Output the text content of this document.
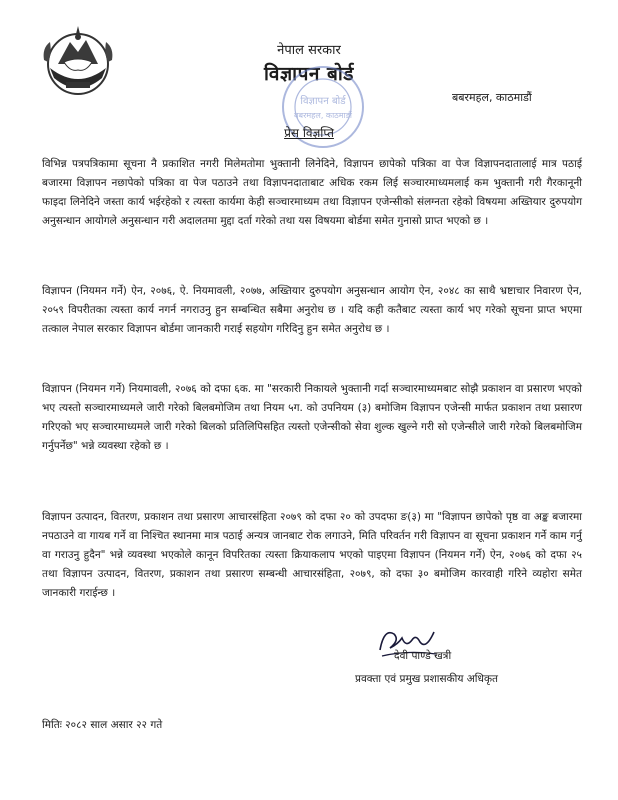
नेपाल सरकार
विज्ञापन बोर्ड
विज्ञापन बोर्ड
बबरमहल, काठमाडौं
बबरमहल, काठमाडौं
प्रेस विज्ञप्ति

विभिन्न पत्रपत्रिकामा सूचना नै प्रकाशित नगरी मिलेमतोमा भुक्तानी लिनेदिने, विज्ञापन छापेको पत्रिका वा पेज विज्ञापनदातालाई मात्र पठाई बजारमा विज्ञापन नछापेको पत्रिका वा पेज पठाउने तथा विज्ञापनदाताबाट अधिक रकम लिई सञ्चारमाध्यमलाई कम भुक्तानी गरी गैरकानूनी फाइदा लिनेदिने जस्ता कार्य भईरहेको र त्यस्ता कार्यमा केही सञ्चारमाध्यम तथा विज्ञापन एजेन्सीको संलग्नता रहेको विषयमा अख्तियार दुरुपयोग अनुसन्धान आयोगले अनुसन्धान गरी अदालतमा मुद्दा दर्ता गरेको तथा यस विषयमा बोर्डमा समेत गुनासो प्राप्त भएको छ ।

विज्ञापन (नियमन गर्ने) ऐन, २०७६, ऐ. नियमावली, २०७७, अख्तियार दुरुपयोग अनुसन्धान आयोग ऐन, २०४८ का साथै भ्रष्टाचार निवारण ऐन, २०५९ विपरीतका त्यस्ता कार्य नगर्न नगराउनु हुन सम्बन्धित सबैमा अनुरोध छ । यदि कही कतैबाट त्यस्ता कार्य भए गरेको सूचना प्राप्त भएमा तत्काल नेपाल सरकार विज्ञापन बोर्डमा जानकारी गराई सहयोग गरिदिनु हुन समेत अनुरोध छ ।

विज्ञापन (नियमन गर्ने) नियमावली, २०७६ को दफा ६क. मा "सरकारी निकायले भुक्तानी गर्दा सञ्चारमाध्यमबाट सोझै प्रकाशन वा प्रसारण भएको भए त्यस्तो सञ्चारमाध्यमले जारी गरेको बिलबमोजिम तथा नियम ५ग. को उपनियम (३) बमोजिम विज्ञापन एजेन्सी मार्फत प्रकाशन तथा प्रसारण गरिएको भए सञ्चारमाध्यमले जारी गरेको बिलको प्रतिलिपिसहित त्यस्तो एजेन्सीको सेवा शुल्क खुल्ने गरी सो एजेन्सीले जारी गरेको बिलबमोजिम गर्नुपर्नेछ" भन्ने व्यवस्था रहेको छ ।

विज्ञापन उत्पादन, वितरण, प्रकाशन तथा प्रसारण आचारसंहिता २०७९ को दफा २० को उपदफा ङ(३) मा "विज्ञापन छापेको पृष्ठ वा अङ्क बजारमा नपठाउने वा गायब गर्ने वा निश्चित स्थानमा मात्र पठाई अन्यत्र जानबाट रोक लगाउने, मिति परिवर्तन गरी विज्ञापन वा सूचना प्रकाशन गर्ने काम गर्नु वा गराउनु हुदैन" भन्ने व्यवस्था भएकोले कानून विपरितका त्यस्ता क्रियाकलाप भएको पाइएमा विज्ञापन (नियमन गर्ने) ऐन, २०७६ को दफा २५ तथा विज्ञापन उत्पादन, वितरण, प्रकाशन तथा प्रसारण सम्बन्धी आचारसंहिता, २०७९, को दफा ३० बमोजिम कारवाही गरिने व्यहोरा समेत जानकारी गराईन्छ ।

देवी पाण्डे खत्री
प्रवक्ता एवं प्रमुख प्रशासकीय अधिकृत
मितिः २०८२ साल असार २२ गते
